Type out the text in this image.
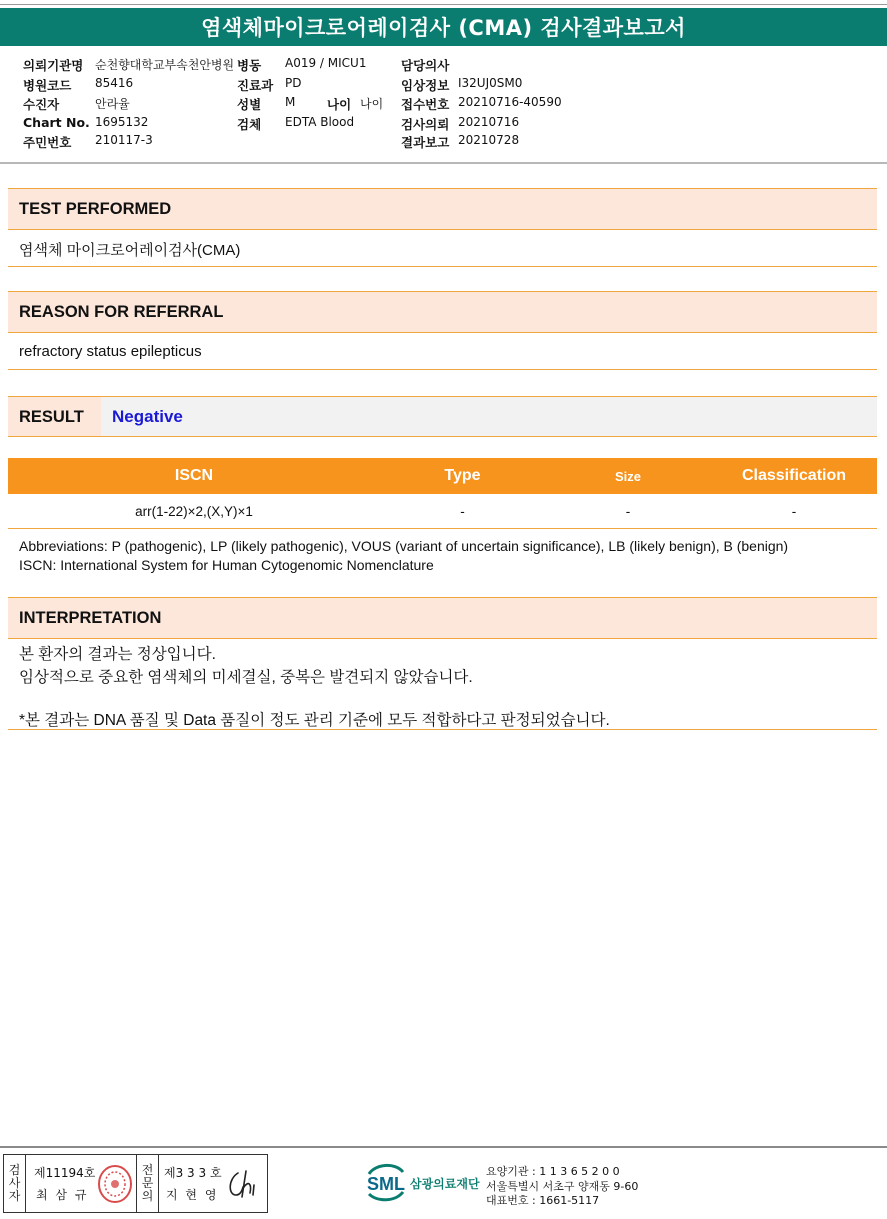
염색체마이크로어레이검사 (CMA) 검사결과보고서
의뢰기관명 순천향대학교부속천안병원 병동 A019 / MICU1	담당의사
병원코드 85416	진료과 PD	임상정보 I32UJ0SM0
수진자	안라율	성별 M	나이 나이 접수번호 20210716-40590
Chart No. 1695132	검체 EDTA Blood	검사의뢰 20210716
주민번호 210117-3	결과보고 20210728
TEST PERFORMED
염색체 마이크로어레이검사(CMA)
REASON FOR REFERRAL
refractory status epilepticus
RESULT	Negative
ISCN	Type	Size	Classification
arr(1-22)×2,(X,Y)×1	-	-	-
Abbreviations: P (pathogenic), LP (likely pathogenic), VOUS (variant of uncertain significance), LB (likely benign), B (benign)
ISCN: International System for Human Cytogenomic Nomenclature
INTERPRETATION
본 환자의 결과는 정상입니다.
임상적으로 중요한 염색체의 미세결실, 중복은 발견되지 않았습니다.
*본 결과는 DNA 품질 및 Data 품질이 정도 관리 기준에 모두 적합하다고 판정되었습니다.
검
사
자
제11194호
최 삼 규
전
문
의
제3 3 3 호
지 현 영
SML 삼광의료재단
요양기관 : 1 1 3 6 5 2 0 0
서울특별시 서초구 양재동 9-60
대표번호 : 1661-5117
